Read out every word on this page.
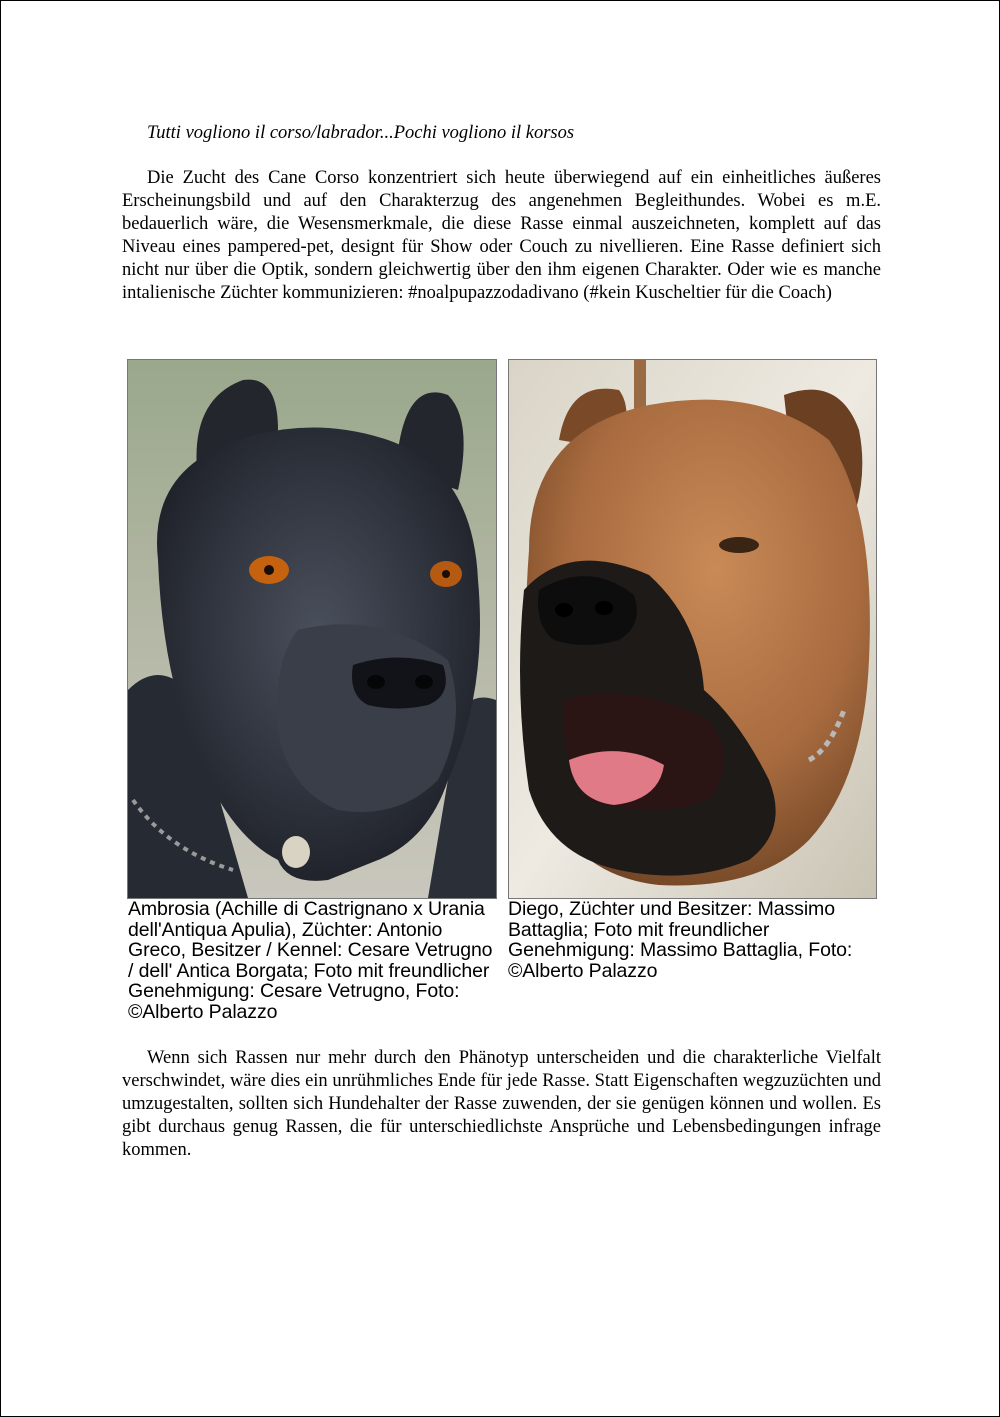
Tutti vogliono il corso/labrador...Pochi vogliono il korsos

Die Zucht des Cane Corso konzentriert sich heute überwiegend auf ein einheitliches äußeres Erscheinungsbild und auf den Charakterzug des angenehmen Begleithundes. Wobei es m.E. bedauerlich wäre, die Wesensmerkmale, die diese Rasse einmal auszeichneten, komplett auf das Niveau eines pampered-pet, designt für Show oder Couch zu nivellieren. Eine Rasse definiert sich nicht nur über die Optik, sondern gleichwertig über den ihm eigenen Charakter. Oder wie es manche intalienische Züchter kommunizieren: #noalpupazzodadivano (#kein Kuscheltier für die Coach)

Ambrosia (Achille di Castrignano x Urania dell'Antiqua Apulia), Züchter: Antonio Greco, Besitzer / Kennel: Cesare Vetrugno / dell' Antica Borgata; Foto mit freundlicher Genehmigung: Cesare Vetrugno, Foto: ©Alberto Palazzo

Diego, Züchter und Besitzer: Massimo Battaglia; Foto mit freundlicher Genehmigung: Massimo Battaglia, Foto: ©Alberto Palazzo

Wenn sich Rassen nur mehr durch den Phänotyp unterscheiden und die charakterliche Vielfalt verschwindet, wäre dies ein unrühmliches Ende für jede Rasse. Statt Eigenschaften wegzuzüchten und umzugestalten, sollten sich Hundehalter der Rasse zuwenden, der sie genügen können und wollen. Es gibt durchaus genug Rassen, die für unterschiedlichste Ansprüche und Lebensbedingungen infrage kommen.
